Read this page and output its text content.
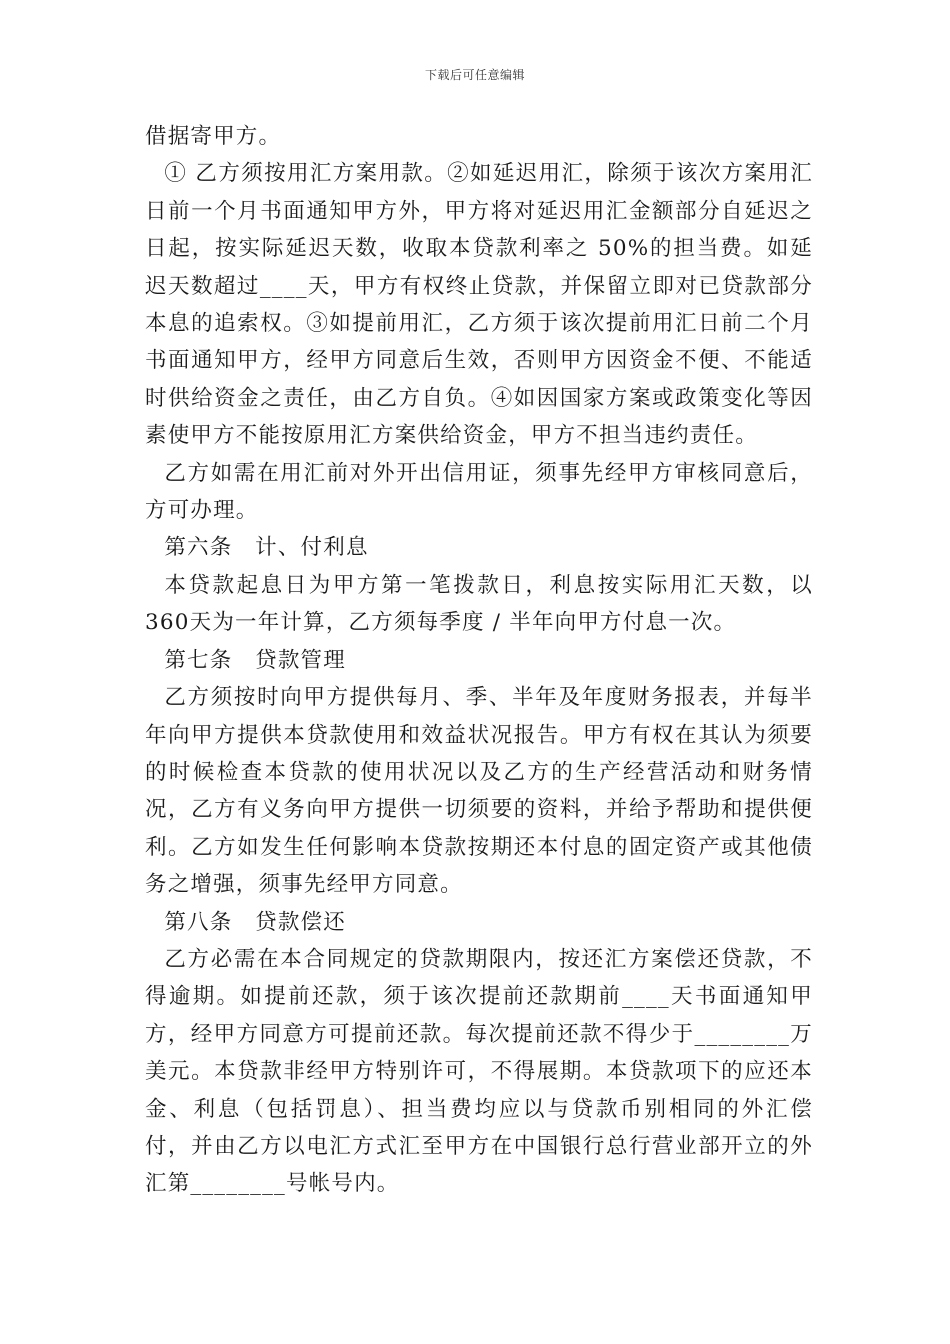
下载后可任意编辑

借据寄甲方。

① 乙方须按用汇方案用款。②如延迟用汇，除须于该次方案用汇日前一个月书面通知甲方外，甲方将对延迟用汇金额部分自延迟之日起，按实际延迟天数，收取本贷款利率之 50%的担当费。如延迟天数超过____天，甲方有权终止贷款，并保留立即对已贷款部分本息的追索权。③如提前用汇，乙方须于该次提前用汇日前二个月书面通知甲方，经甲方同意后生效，否则甲方因资金不便、不能适时供给资金之责任，由乙方自负。④如因国家方案或政策变化等因素使甲方不能按原用汇方案供给资金，甲方不担当违约责任。

乙方如需在用汇前对外开出信用证，须事先经甲方审核同意后，方可办理。

第六条　计、付利息

本贷款起息日为甲方第一笔拨款日，利息按实际用汇天数，以 360天为一年计算，乙方须每季度 / 半年向甲方付息一次。

第七条　贷款管理

乙方须按时向甲方提供每月、季、半年及年度财务报表，并每半年向甲方提供本贷款使用和效益状况报告。甲方有权在其认为须要的时候检查本贷款的使用状况以及乙方的生产经营活动和财务情况，乙方有义务向甲方提供一切须要的资料，并给予帮助和提供便利。乙方如发生任何影响本贷款按期还本付息的固定资产或其他债务之增强，须事先经甲方同意。

第八条　贷款偿还

乙方必需在本合同规定的贷款期限内，按还汇方案偿还贷款，不得逾期。如提前还款，须于该次提前还款期前____天书面通知甲方，经甲方同意方可提前还款。每次提前还款不得少于________万美元。本贷款非经甲方特别许可，不得展期。本贷款项下的应还本金、利息（包括罚息）、担当费均应以与贷款币别相同的外汇偿付，并由乙方以电汇方式汇至甲方在中国银行总行营业部开立的外汇第________号帐号内。
